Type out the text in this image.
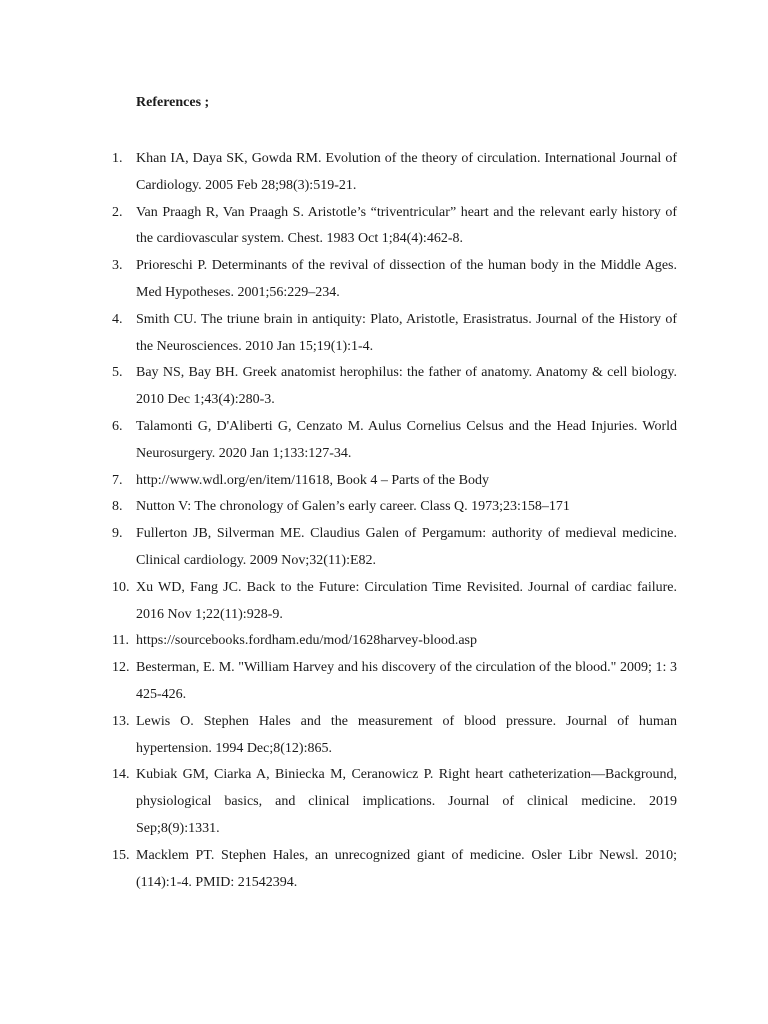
References ;
1. Khan IA, Daya SK, Gowda RM. Evolution of the theory of circulation. International Journal of Cardiology. 2005 Feb 28;98(3):519-21.
2. Van Praagh R, Van Praagh S. Aristotle’s “triventricular” heart and the relevant early history of the cardiovascular system. Chest. 1983 Oct 1;84(4):462-8.
3. Prioreschi P. Determinants of the revival of dissection of the human body in the Middle Ages. Med Hypotheses. 2001;56:229–234.
4. Smith CU. The triune brain in antiquity: Plato, Aristotle, Erasistratus. Journal of the History of the Neurosciences. 2010 Jan 15;19(1):1-4.
5. Bay NS, Bay BH. Greek anatomist herophilus: the father of anatomy. Anatomy & cell biology. 2010 Dec 1;43(4):280-3.
6. Talamonti G, D'Aliberti G, Cenzato M. Aulus Cornelius Celsus and the Head Injuries. World Neurosurgery. 2020 Jan 1;133:127-34.
7. http://www.wdl.org/en/item/11618, Book 4 – Parts of the Body
8. Nutton V: The chronology of Galen’s early career. Class Q. 1973;23:158–171
9. Fullerton JB, Silverman ME. Claudius Galen of Pergamum: authority of medieval medicine. Clinical cardiology. 2009 Nov;32(11):E82.
10. Xu WD, Fang JC. Back to the Future: Circulation Time Revisited. Journal of cardiac failure. 2016 Nov 1;22(11):928-9.
11. https://sourcebooks.fordham.edu/mod/1628harvey-blood.asp
12. Besterman, E. M. "William Harvey and his discovery of the circulation of the blood." 2009; 1: 3 425-426.
13. Lewis O. Stephen Hales and the measurement of blood pressure. Journal of human hypertension. 1994 Dec;8(12):865.
14. Kubiak GM, Ciarka A, Biniecka M, Ceranowicz P. Right heart catheterization—Background, physiological basics, and clinical implications. Journal of clinical medicine. 2019 Sep;8(9):1331.
15. Macklem PT. Stephen Hales, an unrecognized giant of medicine. Osler Libr Newsl. 2010;(114):1-4. PMID: 21542394.
